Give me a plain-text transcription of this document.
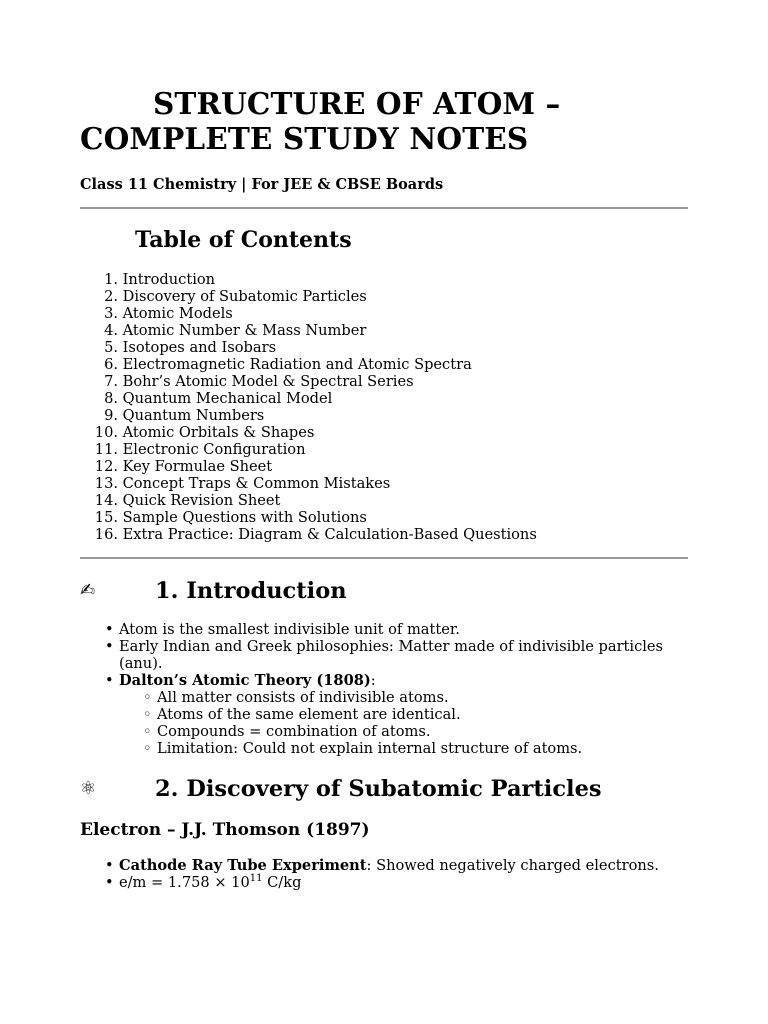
STRUCTURE OF ATOM – COMPLETE STUDY NOTES
Class 11 Chemistry | For JEE & CBSE Boards
Table of Contents
1. Introduction
2. Discovery of Subatomic Particles
3. Atomic Models
4. Atomic Number & Mass Number
5. Isotopes and Isobars
6. Electromagnetic Radiation and Atomic Spectra
7. Bohr’s Atomic Model & Spectral Series
8. Quantum Mechanical Model
9. Quantum Numbers
10. Atomic Orbitals & Shapes
11. Electronic Configuration
12. Key Formulae Sheet
13. Concept Traps & Common Mistakes
14. Quick Revision Sheet
15. Sample Questions with Solutions
16. Extra Practice: Diagram & Calculation-Based Questions
✍	1. Introduction
• Atom is the smallest indivisible unit of matter.
• Early Indian and Greek philosophies: Matter made of indivisible particles (anu).
• Dalton’s Atomic Theory (1808):
◦ All matter consists of indivisible atoms.
◦ Atoms of the same element are identical.
◦ Compounds = combination of atoms.
◦ Limitation: Could not explain internal structure of atoms.
⚛	2. Discovery of Subatomic Particles
Electron – J.J. Thomson (1897)
• Cathode Ray Tube Experiment: Showed negatively charged electrons.
• $e/m = 1.758 \times 10^{11}$ C/kg
